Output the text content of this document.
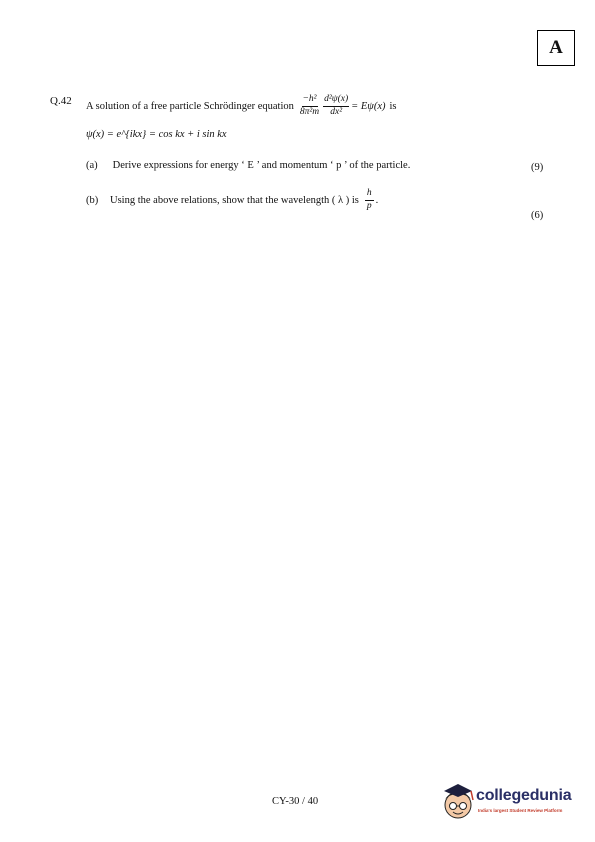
A
Q.42 A solution of a free particle Schrödinger equation $\frac{\text{−h²}}{\text{8π²m}} \frac{\text{d²ψ(x)}}{\text{dx²}} = E\psi(x)$ is
ψ(x) = e^{ikx} = cos kx + i sin kx
(a) Derive expressions for energy ‘ E ’ and momentum ‘ p ’ of the particle.	(9)
(b)	Using the above relations, show that the wavelength ( λ ) is $\frac{h}{p}$ .
(6)
CY-30 / 40	collegedunia
India's largest Student Review Platform
